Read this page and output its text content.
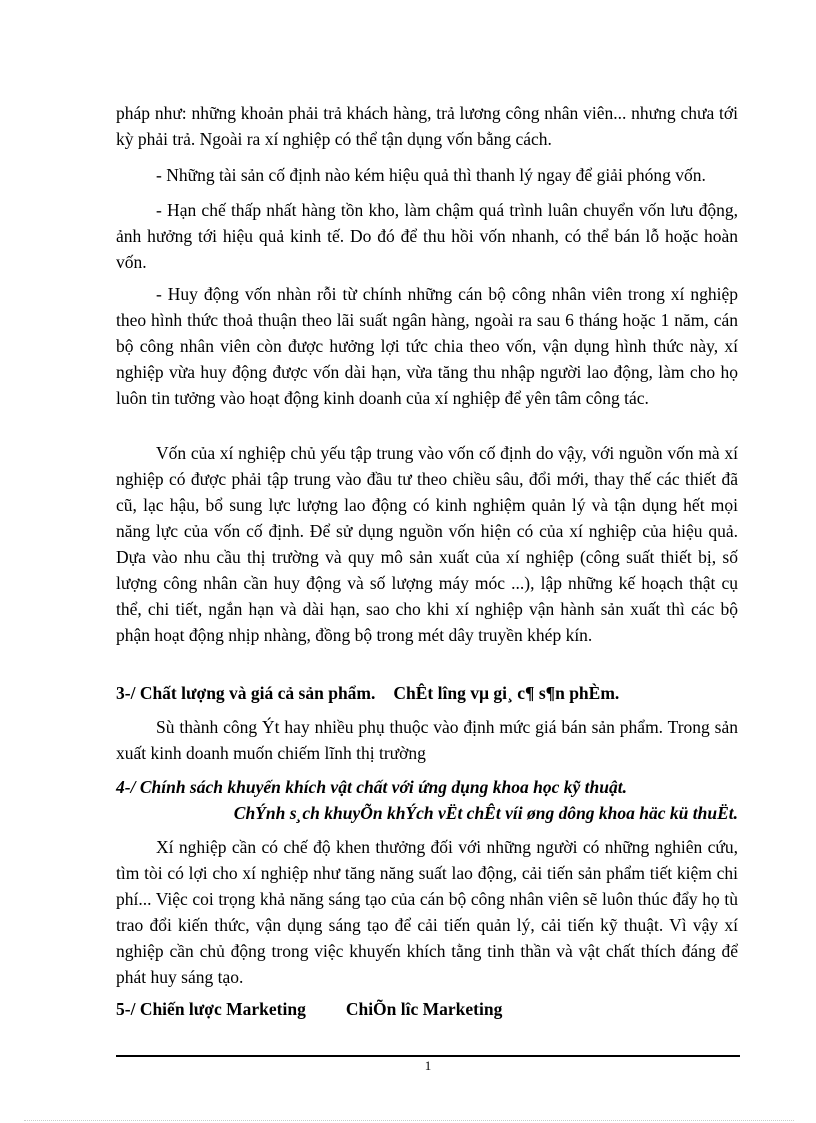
pháp như: những khoản phải trả khách hàng, trả lương công nhân viên... nhưng chưa tới kỳ phải trả. Ngoài ra xí nghiệp có thể tận dụng vốn bằng cách.

- Những tài sản cố định nào kém hiệu quả thì thanh lý ngay để giải phóng vốn.

- Hạn chế thấp nhất hàng tồn kho, làm chậm quá trình luân chuyển vốn lưu động, ảnh hưởng tới hiệu quả kinh tế. Do đó để thu hồi vốn nhanh, có thể bán lỗ hoặc hoàn vốn.

- Huy động vốn nhàn rỗi từ chính những cán bộ công nhân viên trong xí nghiệp theo hình thức thoả thuận theo lãi suất ngân hàng, ngoài ra sau 6 tháng hoặc 1 năm, cán bộ công nhân viên còn được hưởng lợi tức chia theo vốn, vận dụng hình thức này, xí nghiệp vừa huy động được vốn dài hạn, vừa tăng thu nhập người lao động, làm cho họ luôn tin tưởng vào hoạt động kinh doanh của xí nghiệp để yên tâm công tác.

Vốn của xí nghiệp chủ yếu tập trung vào vốn cố định do vậy, với nguồn vốn mà xí nghiệp có được phải tập trung vào đầu tư theo chiều sâu, đổi mới, thay thế các thiết đã cũ, lạc hậu, bổ sung lực lượng lao động có kinh nghiệm quản lý và tận dụng hết mọi năng lực của vốn cố định. Để sử dụng nguồn vốn hiện có của xí nghiệp của hiệu quả. Dựa vào nhu cầu thị trường và quy mô sản xuất của xí nghiệp (công suất thiết bị, số lượng công nhân cần huy động và số lượng máy móc ...), lập những kế hoạch thật cụ thể, chi tiết, ngắn hạn và dài hạn, sao cho khi xí nghiệp vận hành sản xuất thì các bộ phận hoạt động nhịp nhàng, đồng bộ trong mét dây truyền khép kín.

3-/ Chất lượng và giá cả sản phẩm. ChÊt lîng vµ gi¸ c¶ s¶n phÈm.

Sù thành công Ýt hay nhiều phụ thuộc vào định mức giá bán sản phẩm. Trong sản xuất kinh doanh muốn chiếm lĩnh thị trường

4-/ Chính sách khuyến khích vật chất với ứng dụng khoa học kỹ thuật.
ChÝnh s¸ch khuyÕn khÝch vËt chÊt víi øng dông khoa häc kü thuËt.

Xí nghiệp cần có chế độ khen thưởng đối với những người có những nghiên cứu, tìm tòi có lợi cho xí nghiệp như tăng năng suất lao động, cải tiến sản phẩm tiết kiệm chi phí... Việc coi trọng khả năng sáng tạo của cán bộ công nhân viên sẽ luôn thúc đẩy họ tù trao đổi kiến thức, vận dụng sáng tạo để cải tiến quản lý, cải tiến kỹ thuật. Vì vậy xí nghiệp cần chủ động trong việc khuyến khích tằng tinh thần và vật chất thích đáng để phát huy sáng tạo.

5-/ Chiến lược Marketing ChiÕn lîc Marketing
1
